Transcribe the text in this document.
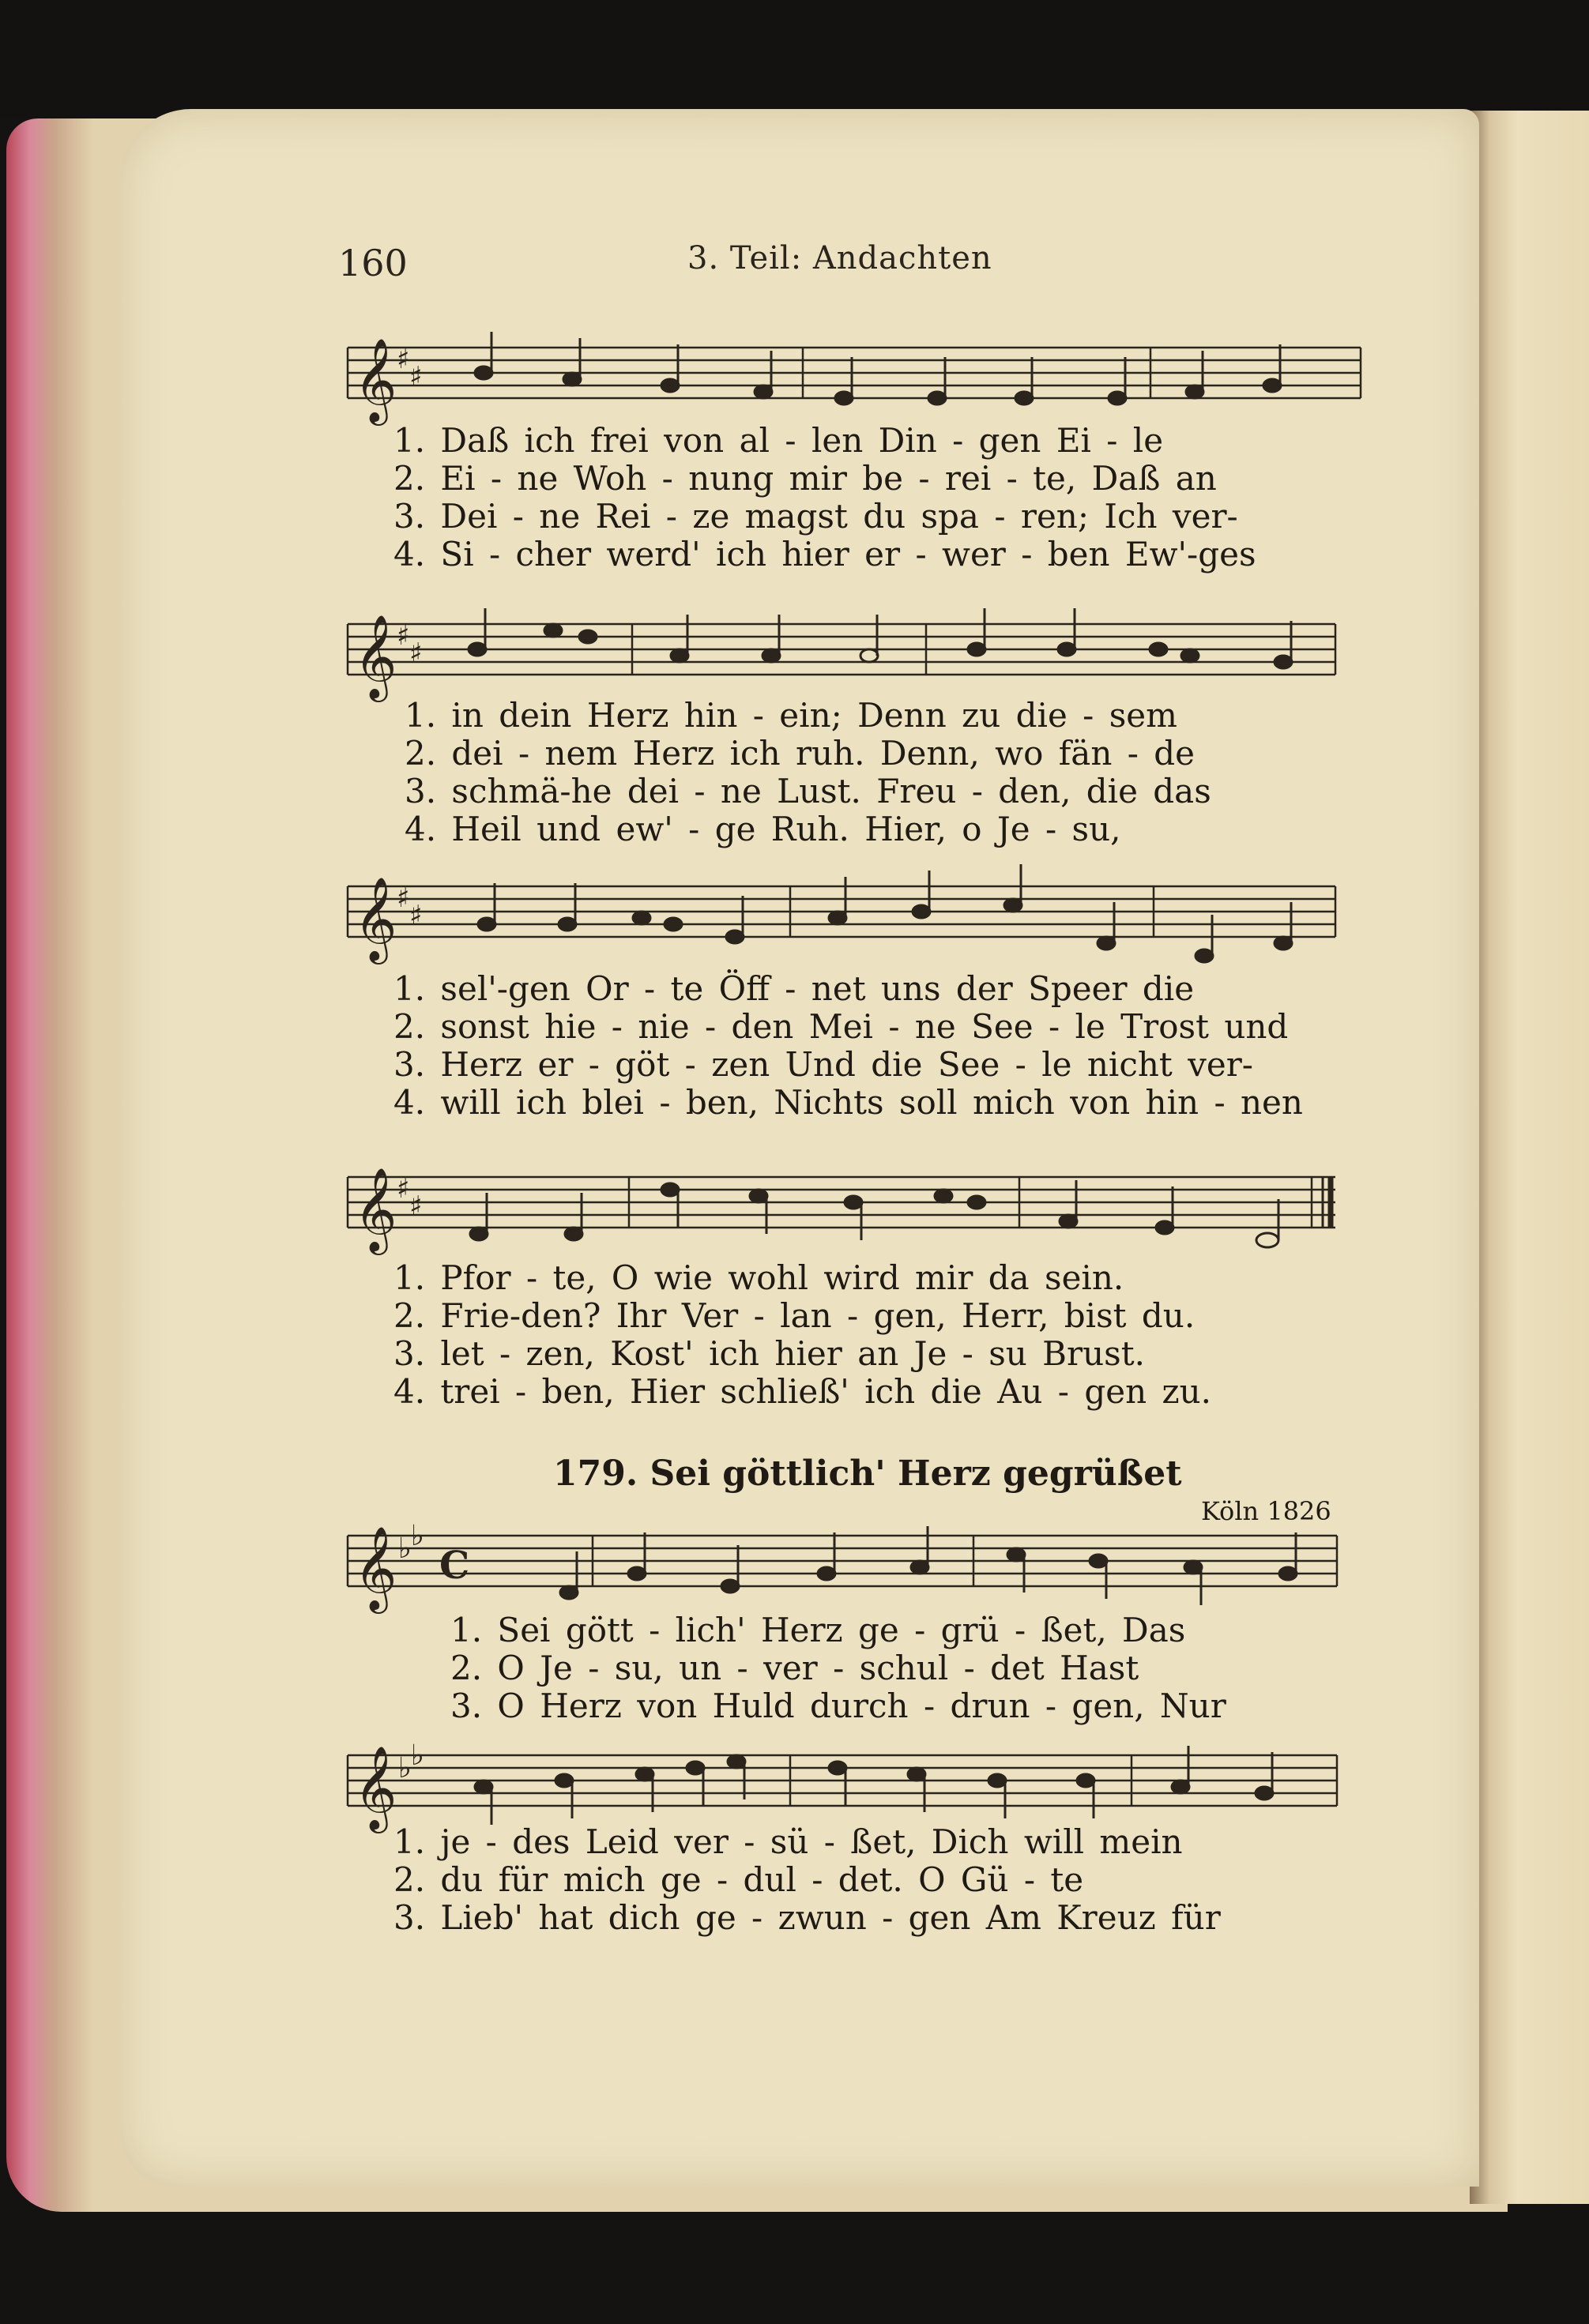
160	3. Teil: Andachten
𝄞
𝄞
𝄞
𝄞
𝄞
𝄞
♯
♯
♯
♯
♯
♯
♯
♯
♭ ♭
C
♭ ♭
1. Daß ich frei von al - len Din - gen Ei - le
2. Ei - ne Woh - nung mir be - rei - te, Daß an
3. Dei - ne Rei - ze magst du spa - ren; Ich ver-
4. Si - cher werd' ich hier er - wer - ben Ew'-ges
1. in dein Herz hin - ein; Denn zu die - sem
2. dei - nem Herz ich ruh. Denn, wo fän - de
3. schmä-he dei - ne Lust. Freu - den, die das
4. Heil und ew' - ge Ruh. Hier, o Je - su,
1. sel'-gen Or - te Öff - net uns der Speer die
2. sonst hie - nie - den Mei - ne See - le Trost und
3. Herz er - göt - zen Und die See - le nicht ver-
4. will ich blei - ben, Nichts soll mich von hin - nen
1. Pfor - te, O wie wohl wird mir da sein.
2. Frie-den? Ihr Ver - lan - gen, Herr, bist du.
3. let - zen, Kost' ich hier an Je - su Brust.
4. trei - ben, Hier schließ' ich die Au - gen zu.
179. Sei göttlich' Herz gegrüßet
Köln 1826
1. Sei gött - lich' Herz ge - grü - ßet, Das
2. O Je - su, un - ver - schul - det Hast
3. O Herz von Huld durch - drun - gen, Nur
1. je - des Leid ver - sü - ßet, Dich will mein
2. du für mich ge - dul - det. O Gü - te
3. Lieb' hat dich ge - zwun - gen Am Kreuz für
